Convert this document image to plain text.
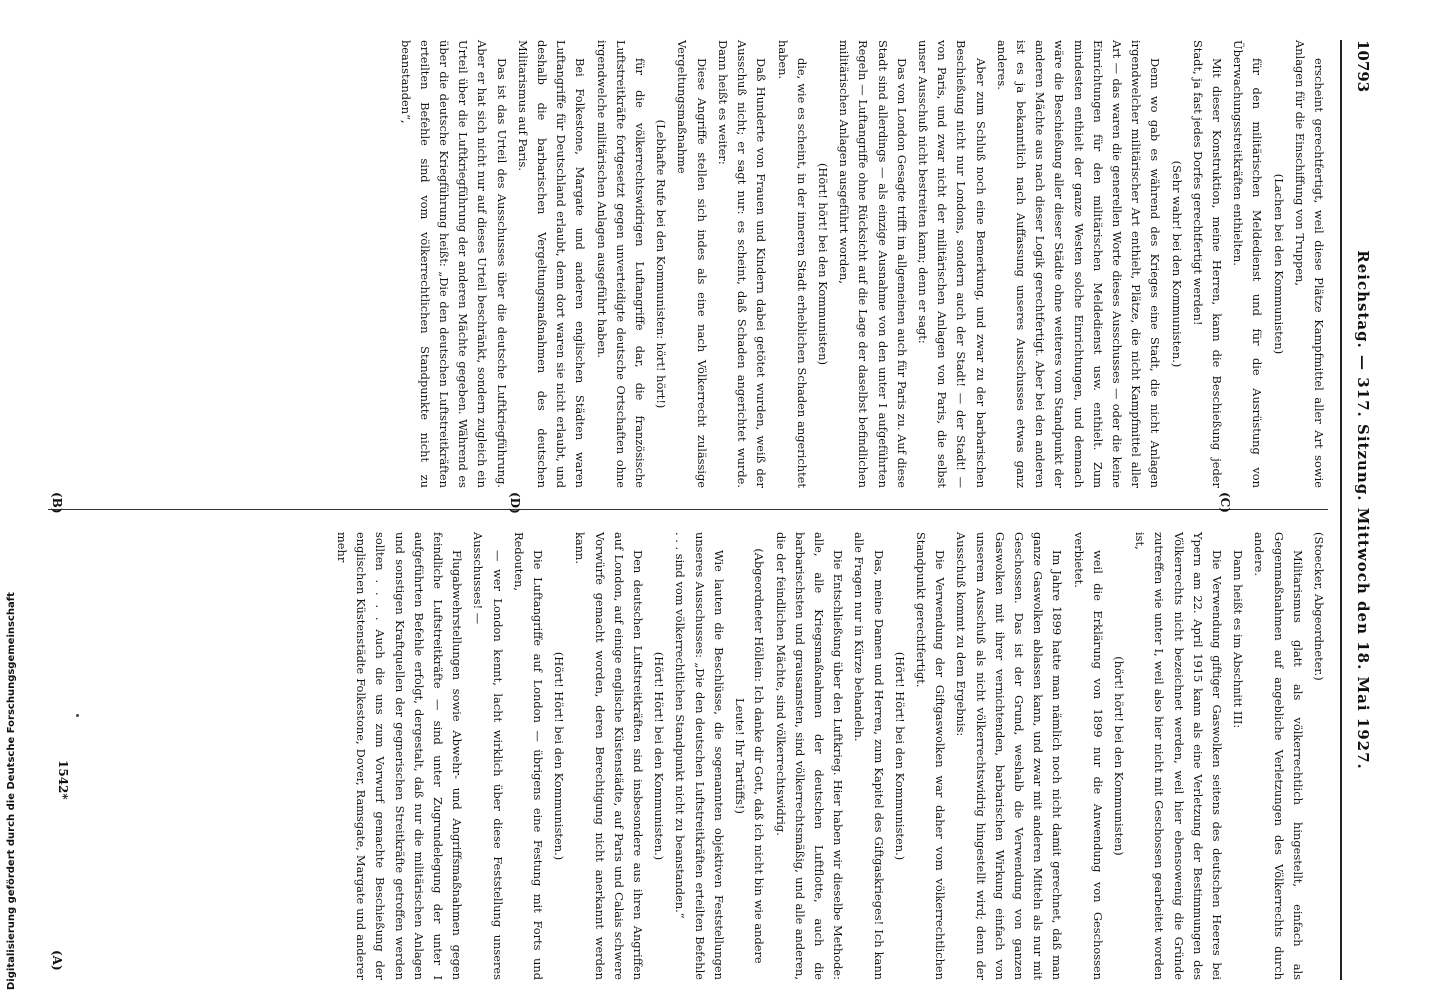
10793
Reichstag. — 317. Sitzung. Mittwoch den 18. Mai 1927.

erscheint gerechtfertigt, weil diese Plätze Kampfmittel aller Art sowie Anlagen für die Einschiffung von Truppen,

(Lachen bei den Kommunisten)

für den militärischen Meldedienst und für die Ausrüstung von Überwachungsstreitkräften enthielten.

Mit dieser Konstruktion, meine Herren, kann die Beschießung jeder Stadt, ja fast jedes Dorfes gerechtfertigt werden!

(Sehr wahr! bei den Kommunisten.)

Denn wo gab es während des Krieges eine Stadt, die nicht Anlagen irgendwelcher militärischer Art enthielt, Plätze, die nicht Kampfmittel aller Art — das waren die generellen Worte dieses Ausschusses — oder die keine Einrichtungen für den militärischen Meldedienst usw. enthielt. Zum mindesten enthielt der ganze Westen solche Einrichtungen, und demnach wäre die Beschießung aller dieser Städte ohne weiteres vom Standpunkt der anderen Mächte aus nach dieser Logik gerechtfertigt. Aber bei den anderen ist es ja bekanntlich nach Auffassung unseres Ausschusses etwas ganz anderes.

Aber zum Schluß noch eine Bemerkung, und zwar zu der barbarischen Beschießung nicht nur Londons, sondern auch der Stadt! — der Stadt! — von Paris, und zwar nicht der militärischen Anlagen von Paris, die selbst unser Ausschuß nicht bestreiten kann; denn er sagt:

Das von London Gesagte trifft im allgemeinen auch für Paris zu. Auf diese Stadt sind allerdings — als einzige Ausnahme von den unter I aufgeführten Regeln — Luftangriffe ohne Rücksicht auf die Lage der daselbst befindlichen militärischen Anlagen ausgeführt worden,

(Hört! hört! bei den Kommunisten)

die, wie es scheint, in der inneren Stadt erheblichen Schaden angerichtet haben.

Daß Hunderte von Frauen und Kindern dabei getötet wurden, weiß der Ausschuß nicht; er sagt nur: es scheint, daß Schaden angerichtet wurde. Dann heißt es weiter:

Diese Angriffe stellen sich indes als eine nach Völkerrecht zulässige Vergeltungsmaßnahme

(Lebhafte Rufe bei den Kommunisten: hört! hört!)

für die völkerrechtswidrigen Luftangriffe dar, die französische Luftstreitkräfte fortgesetzt gegen unverteidigte deutsche Ortschaften ohne irgendwelche militärischen Anlagen ausgeführt haben.

Bei Folkestone, Margate und anderen englischen Städten waren Luftangriffe für Deutschland erlaubt, denn dort waren sie nicht erlaubt, und deshalb die barbarischen Vergeltungsmaßnahmen des deutschen Militarismus auf Paris.

Das ist das Urteil des Ausschusses über die deutsche Luftkriegführung. Aber er hat sich nicht nur auf dieses Urteil beschränkt, sondern zugleich ein Urteil über die Luftkriegführung der anderen Mächte gegeben. Während es über die deutsche Kriegführung heißt: „Die den deutschen Luftstreitkräften erteilten Befehle sind vom völkerrechtlichen Standpunkte nicht zu beanstanden“,

(Stoecker, Abgeordneter.)

Militarismus glatt als völkerrechtlich hingestellt, einfach als Gegenmaßnahmen auf angebliche Verletzungen des Völkerrechts durch andere.

Dann heißt es im Abschnitt III:

Die Verwendung giftiger Gaswolken seitens des deutschen Heeres bei Ypern am 22. April 1915 kann als eine Verletzung der Bestimmungen des Völkerrechts nicht bezeichnet werden, weil hier ebensowenig die Gründe zutreffen wie unter I, weil also hier nicht mit Geschossen gearbeitet worden ist,

(hört! hört! bei den Kommunisten)

weil die Erklärung von 1899 nur die Anwendung von Geschossen verbietet.

Im Jahre 1899 hatte man nämlich noch nicht damit gerechnet, daß man ganze Gaswolken ablassen kann, und zwar mit anderen Mitteln als nur mit Geschossen. Das ist der Grund, weshalb die Verwendung von ganzen Gaswolken mit ihrer vernichtenden, barbarischen Wirkung einfach von unserem Ausschuß als nicht völkerrechtswidrig hingestellt wird; denn der Ausschuß kommt zu dem Ergebnis:

Die Verwendung der Giftgaswolken war daher vom völkerrechtlichen Standpunkt gerechtfertigt.

(Hört! Hört! bei den Kommunisten.)

Das, meine Damen und Herren, zum Kapitel des Giftgaskrieges! Ich kann alle Fragen nur in Kürze behandeln.

Die Entschließung über den Luftkrieg. Hier haben wir dieselbe Methode: alle, alle Kriegsmaßnahmen der deutschen Luftflotte, auch die barbarischsten und grausamsten, sind völkerrechtsmäßig, und alle anderen, die der feindlichen Mächte, sind völkerrechtswidrig.

(Abgeordneter Höllein: Ich danke dir Gott, daß ich nicht bin wie andere Leute! Ihr Tartüffs!)

Wie lauten die Beschlüsse, die sogenannten objektiven Feststellungen unseres Ausschusses: „Die den deutschen Luftstreitkräften erteilten Befehle . . . sind vom völkerrechtlichen Standpunkt nicht zu beanstanden.“

(Hört! Hört! bei den Kommunisten.)

Den deutschen Luftstreitkräften sind insbesondere aus ihren Angriffen auf London, auf einige englische Küstenstädte, auf Paris und Calais schwere Vorwürfe gemacht worden, deren Berechtigung nicht anerkannt werden kann.

(Hört! Hört! bei den Kommunisten.)

Die Luftangriffe auf London — übrigens eine Festung mit Forts und Redouten,

— wer London kennt, lacht wirklich über diese Feststellung unseres Ausschusses! —

Flugabwehrstellungen sowie Abwehr- und Angriffsmaßnahmen gegen feindliche Luftstreitkräfte — sind unter Zugrundelegung der unter I aufgeführten Befehle erfolgt, dergestalt, daß nur die militärischen Anlagen und sonstigen Kraftquellen der gegnerischen Streitkräfte getroffen werden sollten . . . . Auch die uns zum Vorwurf gemachte Beschießung der englischen Küstenstädte Folkestone, Dover, Ramsgate, Margate und anderer mehr

(C)
(D)
(A)
(B)
1542*
Digitalisierung gefördert durch die Deutsche Forschungsgemeinschaft
